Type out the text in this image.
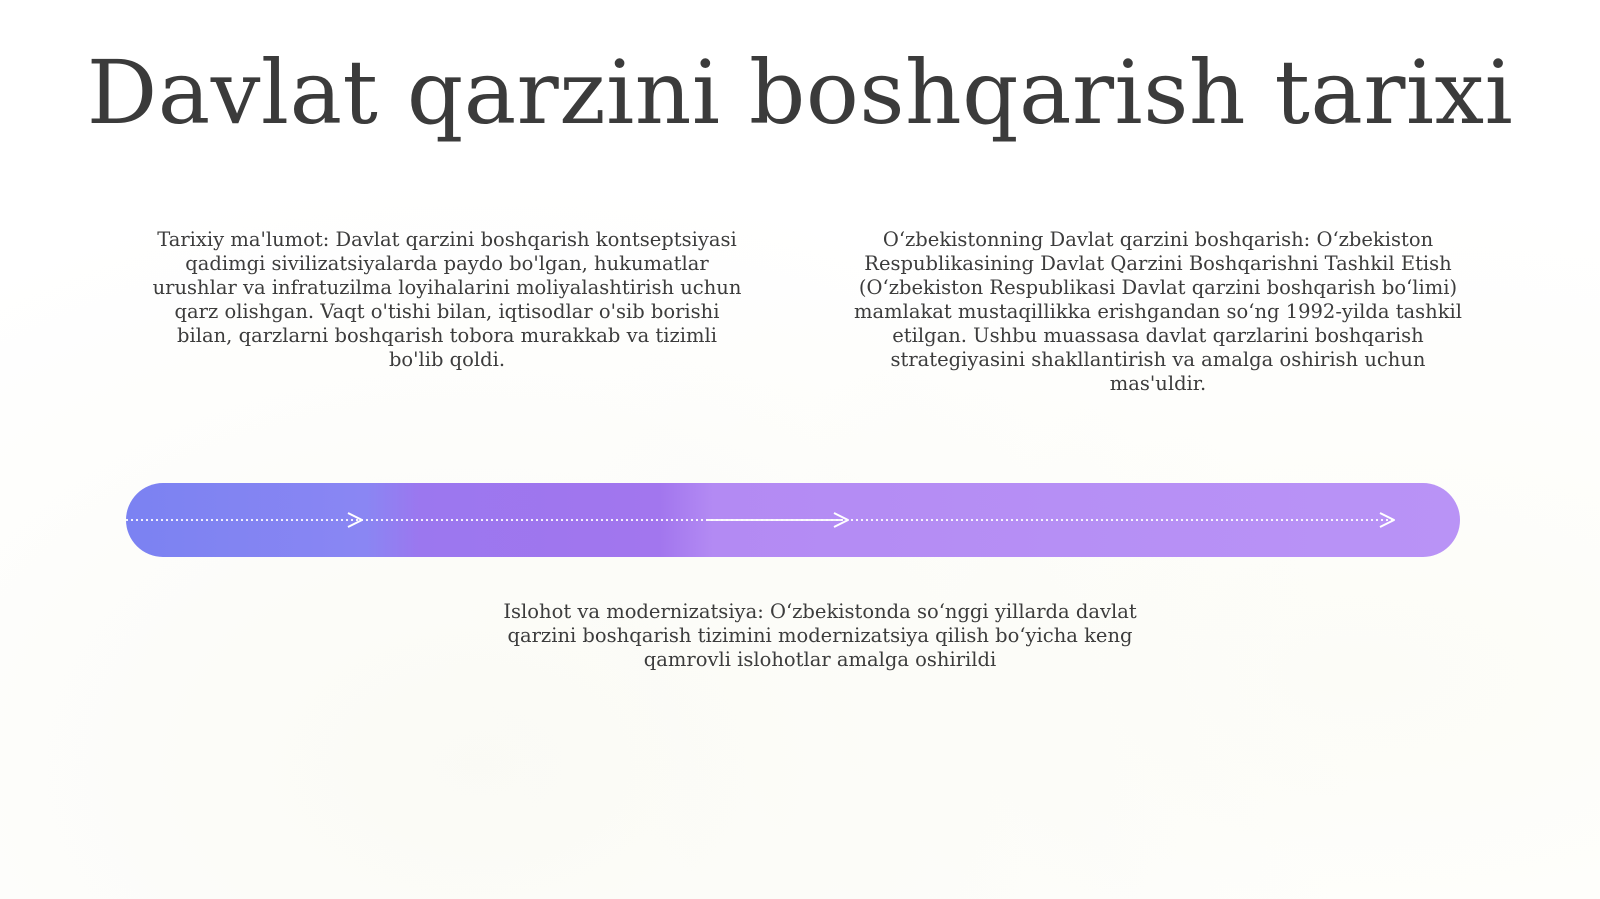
Davlat qarzini boshqarish tarixi
Tarixiy ma'lumot: Davlat qarzini boshqarish kontseptsiyasi qadimgi sivilizatsiyalarda paydo bo'lgan, hukumatlar urushlar va infratuzilma loyihalarini moliyalashtirish uchun qarz olishgan. Vaqt o'tishi bilan, iqtisodlar o'sib borishi bilan, qarzlarni boshqarish tobora murakkab va tizimli bo'lib qoldi.
O‘zbekistonning Davlat qarzini boshqarish: O‘zbekiston Respublikasining Davlat Qarzini Boshqarishni Tashkil Etish (O‘zbekiston Respublikasi Davlat qarzini boshqarish bo‘limi) mamlakat mustaqillikka erishgandan so‘ng 1992-yilda tashkil etilgan. Ushbu muassasa davlat qarzlarini boshqarish strategiyasini shakllantirish va amalga oshirish uchun mas'uldir.
Islohot va modernizatsiya: O‘zbekistonda so‘nggi yillarda davlat qarzini boshqarish tizimini modernizatsiya qilish bo‘yicha keng qamrovli islohotlar amalga oshirildi
